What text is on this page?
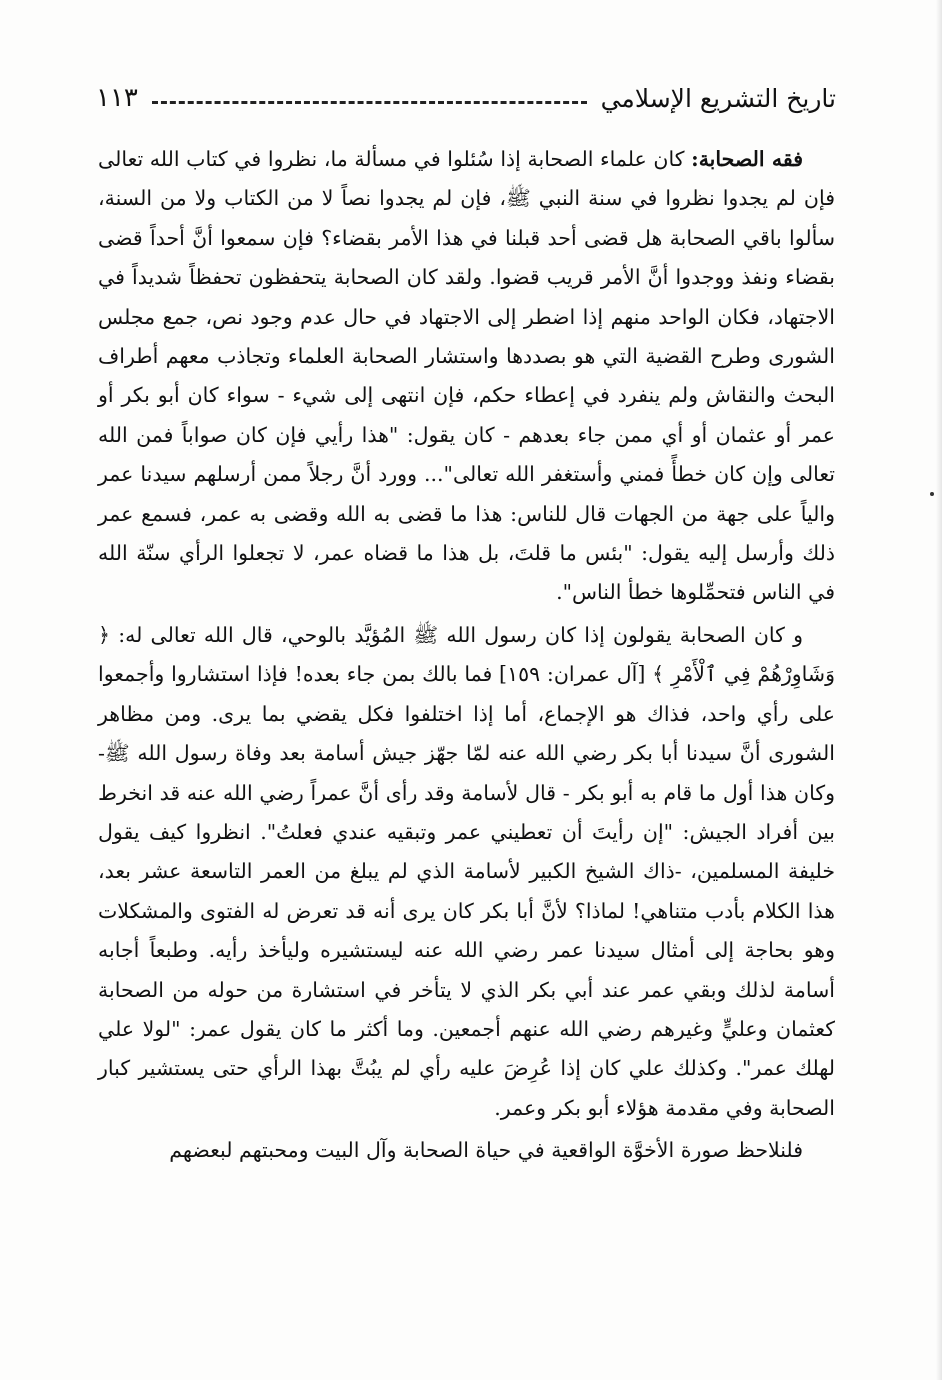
تاريخ التشريع الإسلامي
١١٣

فقه الصحابة: كان علماء الصحابة إذا سُئلوا في مسألة ما، نظروا في كتاب الله تعالى فإن لم يجدوا نظروا في سنة النبي ﷺ، فإن لم يجدوا نصاً لا من الكتاب ولا من السنة، سألوا باقي الصحابة هل قضى أحد قبلنا في هذا الأمر بقضاء؟ فإن سمعوا أنَّ أحداً قضى بقضاء ونفذ ووجدوا أنَّ الأمر قريب قضوا. ولقد كان الصحابة يتحفظون تحفظاً شديداً في الاجتهاد، فكان الواحد منهم إذا اضطر إلى الاجتهاد في حال عدم وجود نص، جمع مجلس الشورى وطرح القضية التي هو بصددها واستشار الصحابة العلماء وتجاذب معهم أطراف البحث والنقاش ولم ينفرد في إعطاء حكم، فإن انتهى إلى شيء - سواء كان أبو بكر أو عمر أو عثمان أو أي ممن جاء بعدهم - كان يقول: "هذا رأيي فإن كان صواباً فمن الله تعالى وإن كان خطأً فمني وأستغفر الله تعالى"... وورد أنَّ رجلاً ممن أرسلهم سيدنا عمر والياً على جهة من الجهات قال للناس: هذا ما قضى به الله وقضى به عمر، فسمع عمر ذلك وأرسل إليه يقول: "بئس ما قلتَ، بل هذا ما قضاه عمر، لا تجعلوا الرأي سنّة الله في الناس فتحمِّلوها خطأ الناس".

و كان الصحابة يقولون إذا كان رسول الله ﷺ المُؤيَّد بالوحي، قال الله تعالى له: ﴿ وَشَاوِرْهُمْ فِي ٱلْأَمْرِ ﴾ [آل عمران: ١٥٩] فما بالك بمن جاء بعده! فإذا استشاروا وأجمعوا على رأي واحد، فذاك هو الإجماع، أما إذا اختلفوا فكل يقضي بما يرى. ومن مظاهر الشورى أنَّ سيدنا أبا بكر رضي الله عنه لمّا جهّز جيش أسامة بعد وفاة رسول الله ﷺ- وكان هذا أول ما قام به أبو بكر - قال لأسامة وقد رأى أنَّ عمراً رضي الله عنه قد انخرط بين أفراد الجيش: "إن رأيتَ أن تعطيني عمر وتبقيه عندي فعلتُ". انظروا كيف يقول خليفة المسلمين، -ذاك الشيخ الكبير لأسامة الذي لم يبلغ من العمر التاسعة عشر بعد، هذا الكلام بأدب متناهي! لماذا؟ لأنَّ أبا بكر كان يرى أنه قد تعرض له الفتوى والمشكلات وهو بحاجة إلى أمثال سيدنا عمر رضي الله عنه ليستشيره وليأخذ رأيه. وطبعاً أجابه أسامة لذلك وبقي عمر عند أبي بكر الذي لا يتأخر في استشارة من حوله من الصحابة كعثمان وعليٍّ وغيرهم رضي الله عنهم أجمعين. وما أكثر ما كان يقول عمر: "لولا علي لهلك عمر". وكذلك علي كان إذا عُرِضَ عليه رأي لم يبُتَّ بهذا الرأي حتى يستشير كبار الصحابة وفي مقدمة هؤلاء أبو بكر وعمر.

فلنلاحظ صورة الأخوَّة الواقعية في حياة الصحابة وآل البيت ومحبتهم لبعضهم
